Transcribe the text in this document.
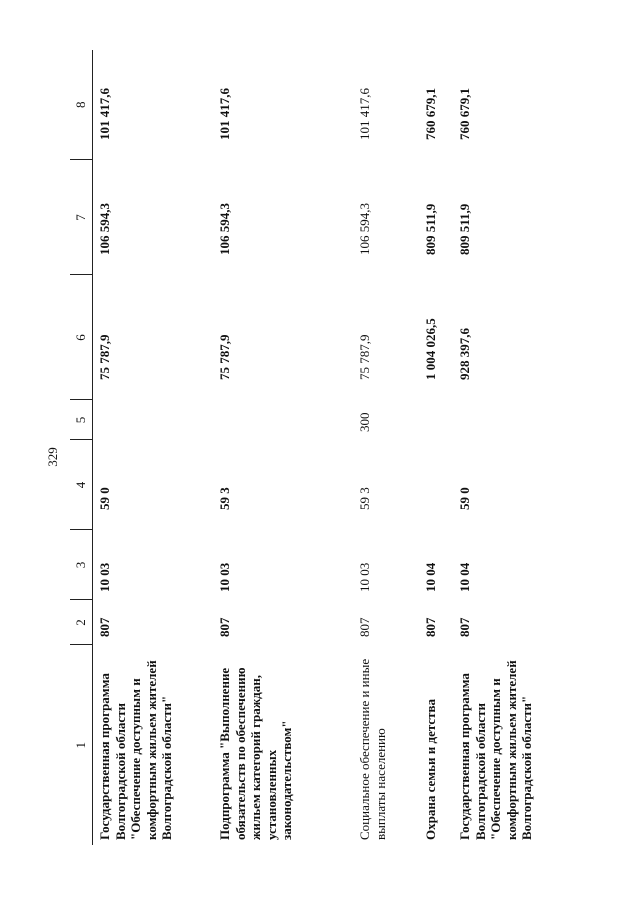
329
1	2	3	4	5	6	7	8

Государственная программа Волгоградской области "Обеспечение доступным и комфортным жильем жителей Волгоградской области"	807	10 03	59 0		75 787,9	106 594,3	101 417,6

Подпрограмма "Выполнение обязательств по обеспечению жильем категорий граждан, установленных законодательством"	807	10 03	59 3		75 787,9	106 594,3	101 417,6

Социальное обеспечение и иные выплаты населению	807	10 03	59 3	300	75 787,9	106 594,3	101 417,6

Охрана семьи и детства	807	10 04			1 004 026,5	809 511,9	760 679,1

Государственная программа Волгоградской области "Обеспечение доступным и комфортным жильем жителей Волгоградской области"	807	10 04	59 0		928 397,6	809 511,9	760 679,1
